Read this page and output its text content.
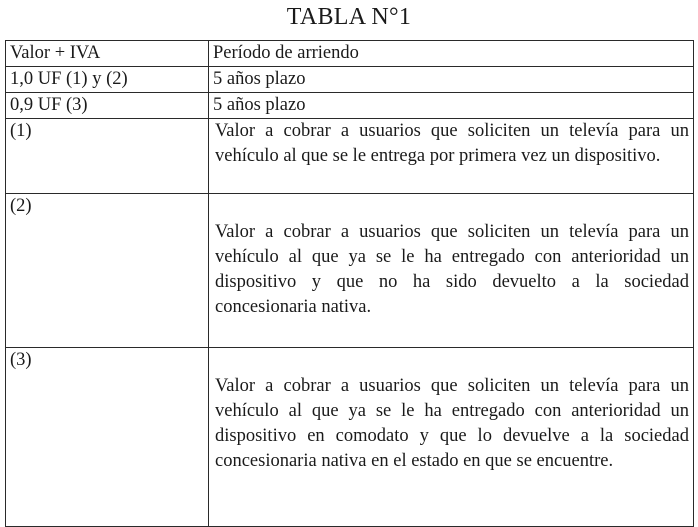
TABLA N°1
Valor + IVA	Período de arriendo
1,0 UF (1) y (2)	5 años plazo
0,9 UF (3)	5 años plazo
(1)	Valor a cobrar a usuarios que soliciten un televía para un vehículo al que se le entrega por primera vez un dispositivo.
(2)	Valor a cobrar a usuarios que soliciten un televía para un vehículo al que ya se le ha entregado con anterioridad un dispositivo y que no ha sido devuelto a la sociedad concesionaria nativa.
(3)	Valor a cobrar a usuarios que soliciten un televía para un vehículo al que ya se le ha entregado con anterioridad un dispositivo en comodato y que lo devuelve a la sociedad concesionaria nativa en el estado en que se encuentre.
